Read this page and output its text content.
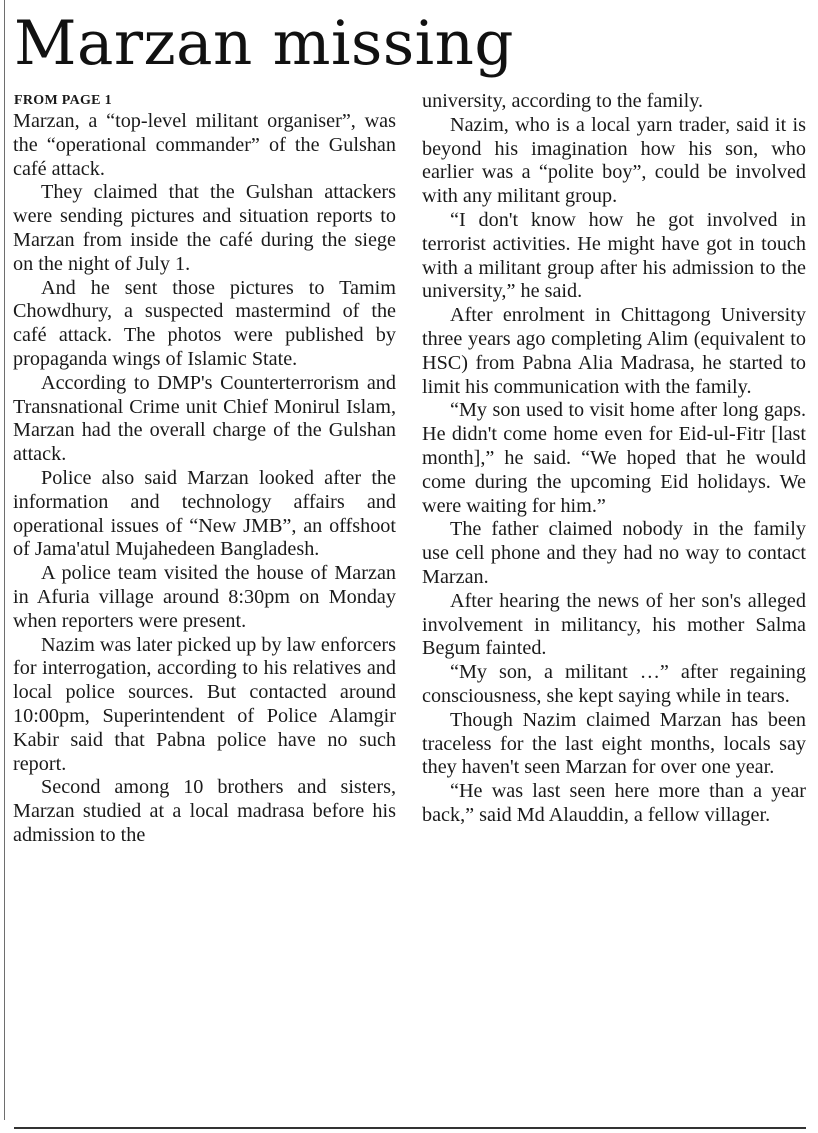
Marzan missing
FROM PAGE 1

Marzan, a “top-level militant organiser”, was the “operational commander” of the Gulshan café attack.

They claimed that the Gulshan attackers were sending pictures and situation reports to Marzan from inside the café during the siege on the night of July 1.

And he sent those pictures to Tamim Chowdhury, a suspected mastermind of the café attack. The photos were published by propaganda wings of Islamic State.

According to DMP's Counterterrorism and Transnational Crime unit Chief Monirul Islam, Marzan had the overall charge of the Gulshan attack.

Police also said Marzan looked after the information and technology affairs and operational issues of “New JMB”, an offshoot of Jama'atul Mujahedeen Bangladesh.

A police team visited the house of Marzan in Afuria village around 8:30pm on Monday when reporters were present.

Nazim was later picked up by law enforcers for interrogation, according to his relatives and local police sources. But contacted around 10:00pm, Superintendent of Police Alamgir Kabir said that Pabna police have no such report.

Second among 10 brothers and sisters, Marzan studied at a local madrasa before his admission to the

university, according to the family.

Nazim, who is a local yarn trader, said it is beyond his imagination how his son, who earlier was a “polite boy”, could be involved with any militant group.

“I don't know how he got involved in terrorist activities. He might have got in touch with a militant group after his admission to the university,” he said.

After enrolment in Chittagong University three years ago completing Alim (equivalent to HSC) from Pabna Alia Madrasa, he started to limit his communication with the family.

“My son used to visit home after long gaps. He didn't come home even for Eid-ul-Fitr [last month],” he said. “We hoped that he would come during the upcoming Eid holidays. We were waiting for him.”

The father claimed nobody in the family use cell phone and they had no way to contact Marzan.

After hearing the news of her son's alleged involvement in militancy, his mother Salma Begum fainted.

“My son, a militant …” after regaining consciousness, she kept saying while in tears.

Though Nazim claimed Marzan has been traceless for the last eight months, locals say they haven't seen Marzan for over one year.

“He was last seen here more than a year back,” said Md Alauddin, a fellow villager.
